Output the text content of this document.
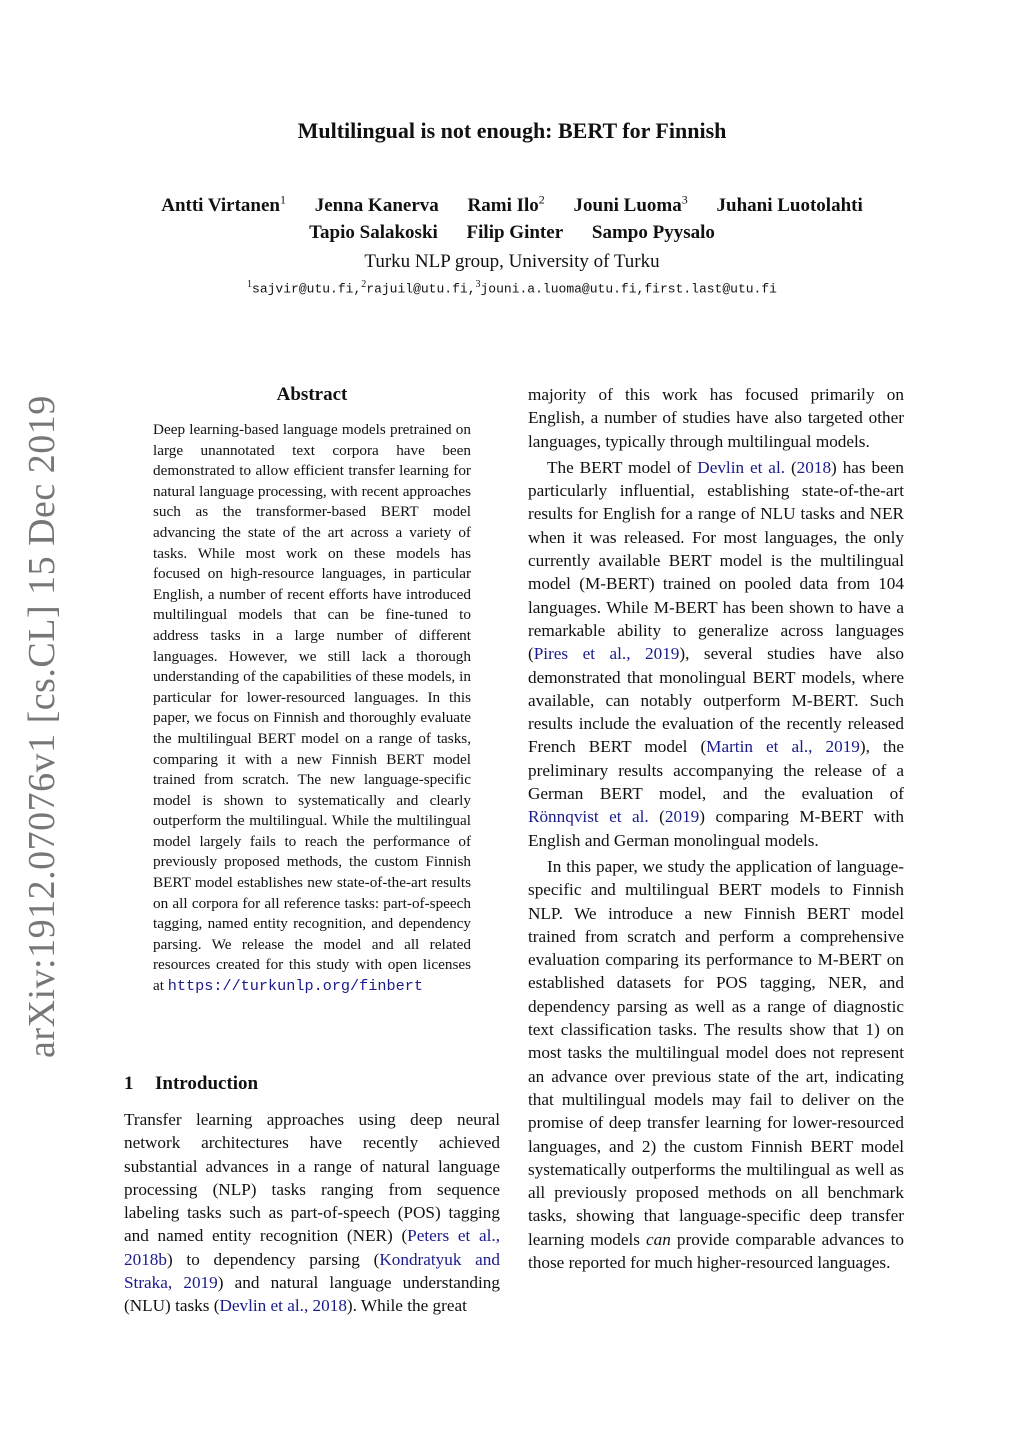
arXiv:1912.07076v1 [cs.CL] 15 Dec 2019
Multilingual is not enough: BERT for Finnish
Antti Virtanen$^1$ Jenna Kanerva Rami Ilo$^2$ Jouni Luoma$^3$ Juhani Luotolahti
Tapio Salakoski Filip Ginter Sampo Pyysalo
Turku NLP group, University of Turku
$^1$sajvir@utu.fi,$^2$rajuil@utu.fi,$^3$jouni.a.luoma@utu.fi,first.last@utu.fi
Abstract

Deep learning-based language models pretrained on large unannotated text corpora have been demonstrated to allow efficient transfer learning for natural language processing, with recent approaches such as the transformer-based BERT model advancing the state of the art across a variety of tasks. While most work on these models has focused on high-resource languages, in particular English, a number of recent efforts have introduced multilingual models that can be fine-tuned to address tasks in a large number of different languages. However, we still lack a thorough understanding of the capabilities of these models, in particular for lower-resourced languages. In this paper, we focus on Finnish and thoroughly evaluate the multilingual BERT model on a range of tasks, comparing it with a new Finnish BERT model trained from scratch. The new language-specific model is shown to systematically and clearly outperform the multilingual. While the multilingual model largely fails to reach the performance of previously proposed methods, the custom Finnish BERT model establishes new state-of-the-art results on all corpora for all reference tasks: part-of-speech tagging, named entity recognition, and dependency parsing. We release the model and all related resources created for this study with open licenses at https://turkunlp.org/finbert

1 Introduction

Transfer learning approaches using deep neural network architectures have recently achieved substantial advances in a range of natural language processing (NLP) tasks ranging from sequence labeling tasks such as part-of-speech (POS) tagging and named entity recognition (NER) (Peters et al., 2018b) to dependency parsing (Kondratyuk and Straka, 2019) and natural language understanding (NLU) tasks (Devlin et al., 2018). While the great

majority of this work has focused primarily on English, a number of studies have also targeted other languages, typically through multilingual models.

The BERT model of Devlin et al. (2018) has been particularly influential, establishing state-of-the-art results for English for a range of NLU tasks and NER when it was released. For most languages, the only currently available BERT model is the multilingual model (M-BERT) trained on pooled data from 104 languages. While M-BERT has been shown to have a remarkable ability to generalize across languages (Pires et al., 2019), several studies have also demonstrated that monolingual BERT models, where available, can notably outperform M-BERT. Such results include the evaluation of the recently released French BERT model (Martin et al., 2019), the preliminary results accompanying the release of a German BERT model, and the evaluation of Rönnqvist et al. (2019) comparing M-BERT with English and German monolingual models.

In this paper, we study the application of language-specific and multilingual BERT models to Finnish NLP. We introduce a new Finnish BERT model trained from scratch and perform a comprehensive evaluation comparing its performance to M-BERT on established datasets for POS tagging, NER, and dependency parsing as well as a range of diagnostic text classification tasks. The results show that 1) on most tasks the multilingual model does not represent an advance over previous state of the art, indicating that multilingual models may fail to deliver on the promise of deep transfer learning for lower-resourced languages, and 2) the custom Finnish BERT model systematically outperforms the multilingual as well as all previously proposed methods on all benchmark tasks, showing that language-specific deep transfer learning models can provide comparable advances to those reported for much higher-resourced languages.
